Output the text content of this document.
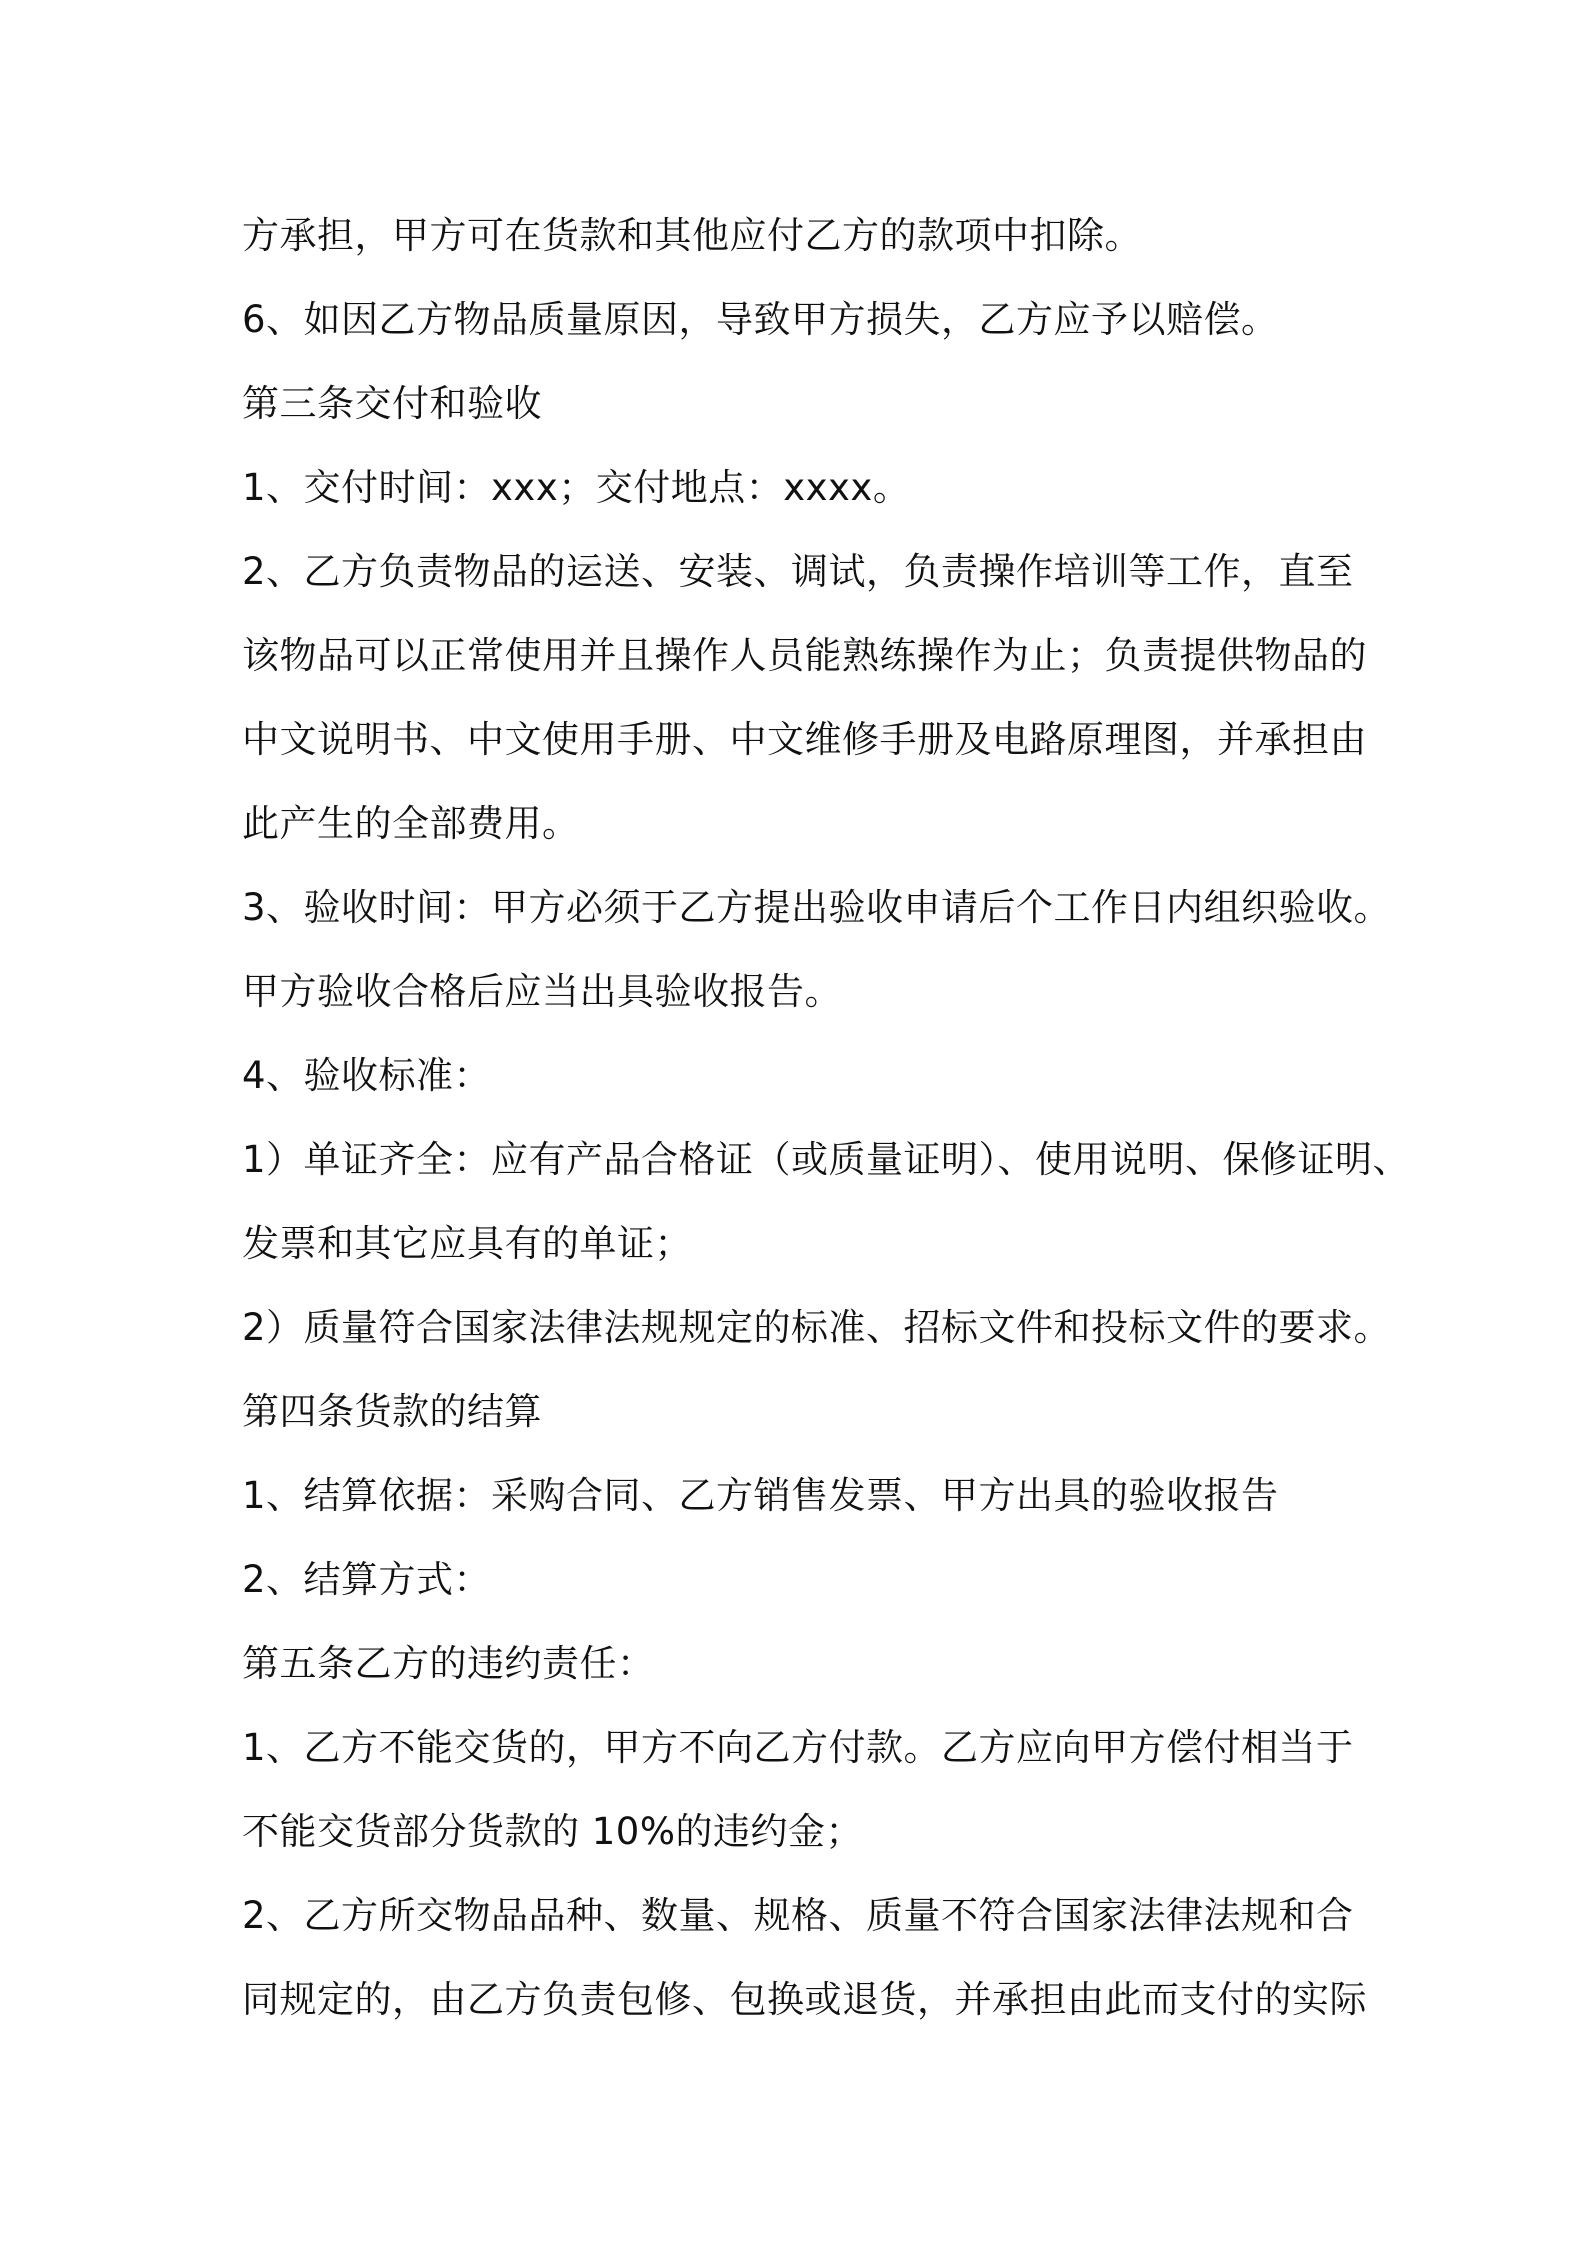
方承担，甲方可在货款和其他应付乙方的款项中扣除。
6、如因乙方物品质量原因，导致甲方损失，乙方应予以赔偿。
第三条交付和验收
1、交付时间：xxx；交付地点：xxxx。
2、乙方负责物品的运送、安装、调试，负责操作培训等工作，直至
该物品可以正常使用并且操作人员能熟练操作为止；负责提供物品的
中文说明书、中文使用手册、中文维修手册及电路原理图，并承担由
此产生的全部费用。
3、验收时间：甲方必须于乙方提出验收申请后个工作日内组织验收。
甲方验收合格后应当出具验收报告。
4、验收标准：
1）单证齐全：应有产品合格证（或质量证明）、使用说明、保修证明、
发票和其它应具有的单证；
2）质量符合国家法律法规规定的标准、招标文件和投标文件的要求。
第四条货款的结算
1、结算依据：采购合同、乙方销售发票、甲方出具的验收报告
2、结算方式：
第五条乙方的违约责任：
1、乙方不能交货的，甲方不向乙方付款。乙方应向甲方偿付相当于
不能交货部分货款的 10%的违约金；
2、乙方所交物品品种、数量、规格、质量不符合国家法律法规和合
同规定的，由乙方负责包修、包换或退货，并承担由此而支付的实际
